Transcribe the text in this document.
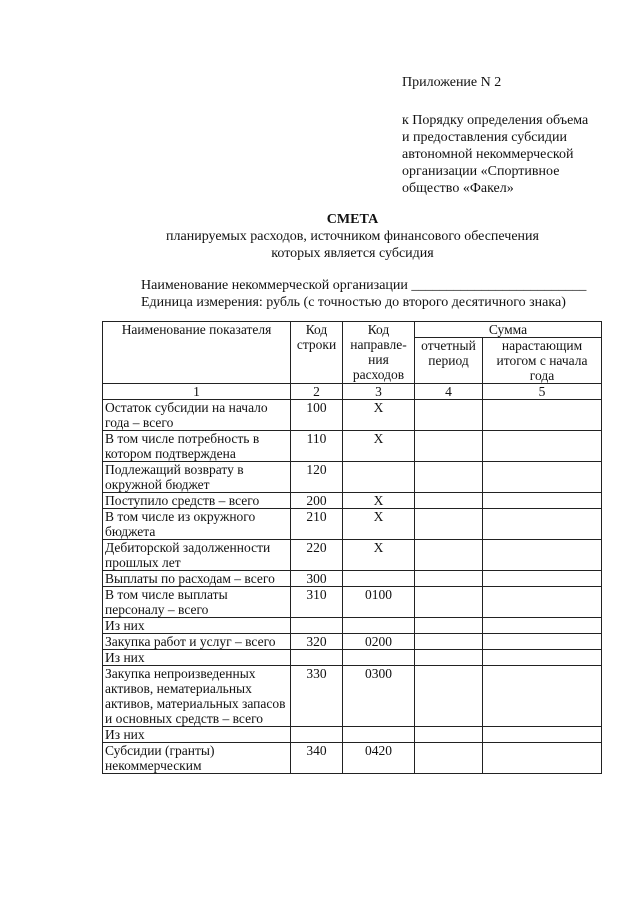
Приложение N 2
к Порядку определения объема
и предоставления субсидии
автономной некоммерческой
организации «Спортивное
общество «Факел»
СМЕТА
планируемых расходов, источником финансового обеспечения
которых является субсидия
Наименование некоммерческой организации _________________________
Единица измерения: рубль (с точностью до второго десятичного знака)
Наименование показателя	Код строки	Код направле-ния расходов	Сумма	
			отчетный период	нарастающим итогом с начала года
1	2	3	4	5
Остаток субсидии на начало года – всего	100	X		
В том числе потребность в котором подтверждена	110	X		
Подлежащий возврату в окружной бюджет	120			
Поступило средств – всего	200	X		
В том числе из окружного бюджета	210	X		
Дебиторской задолженности прошлых лет	220	X		
Выплаты по расходам – всего	300			
В том числе выплаты персоналу – всего	310	0100		
Из них				
Закупка работ и услуг – всего	320	0200		
Из них				
Закупка непроизведенных активов, нематериальных активов, материальных запасов и основных средств – всего	330	0300		
Из них				
Субсидии (гранты) некоммерческим	340	0420		
